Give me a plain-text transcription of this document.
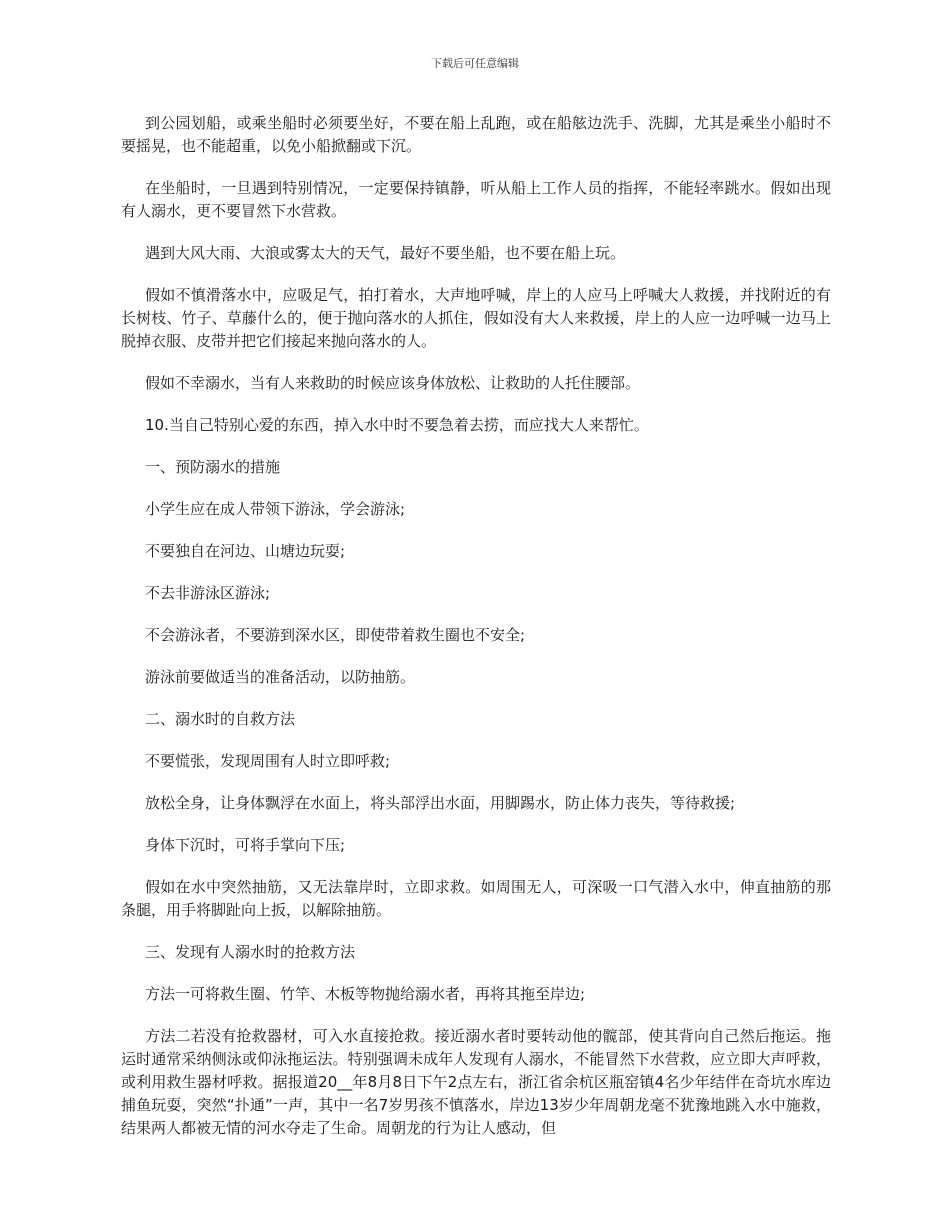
下载后可任意编辑

到公园划船，或乘坐船时必须要坐好，不要在船上乱跑，或在船舷边洗手、洗脚，尤其是乘坐小船时不要摇晃，也不能超重，以免小船掀翻或下沉。

在坐船时，一旦遇到特别情况，一定要保持镇静，听从船上工作人员的指挥，不能轻率跳水。假如出现有人溺水，更不要冒然下水营救。

遇到大风大雨、大浪或雾太大的天气，最好不要坐船，也不要在船上玩。

假如不慎滑落水中，应吸足气，拍打着水，大声地呼喊，岸上的人应马上呼喊大人救援，并找附近的有长树枝、竹子、草藤什么的，便于抛向落水的人抓住，假如没有大人来救援，岸上的人应一边呼喊一边马上脱掉衣服、皮带并把它们接起来抛向落水的人。

假如不幸溺水，当有人来救助的时候应该身体放松、让救助的人托住腰部。

10.当自己特别心爱的东西，掉入水中时不要急着去捞，而应找大人来帮忙。

一、预防溺水的措施

小学生应在成人带领下游泳，学会游泳;

不要独自在河边、山塘边玩耍;

不去非游泳区游泳;

不会游泳者，不要游到深水区，即使带着救生圈也不安全;

游泳前要做适当的准备活动，以防抽筋。

二、溺水时的自救方法

不要慌张，发现周围有人时立即呼救;

放松全身，让身体飘浮在水面上，将头部浮出水面，用脚踢水，防止体力丧失，等待救援;

身体下沉时，可将手掌向下压;

假如在水中突然抽筋，又无法靠岸时，立即求救。如周围无人，可深吸一口气潜入水中，伸直抽筋的那条腿，用手将脚趾向上扳，以解除抽筋。

三、发现有人溺水时的抢救方法

方法一可将救生圈、竹竿、木板等物抛给溺水者，再将其拖至岸边;

方法二若没有抢救器材，可入水直接抢救。接近溺水者时要转动他的髋部，使其背向自己然后拖运。拖运时通常采纳侧泳或仰泳拖运法。特别强调未成年人发现有人溺水，不能冒然下水营救，应立即大声呼救，或利用救生器材呼救。据报道20__年8月8日下午2点左右，浙江省余杭区瓶窑镇4名少年结伴在奇坑水库边捕鱼玩耍，突然“扑通”一声，其中一名7岁男孩不慎落水，岸边13岁少年周朝龙毫不犹豫地跳入水中施救，结果两人都被无情的河水夺走了生命。周朝龙的行为让人感动，但
